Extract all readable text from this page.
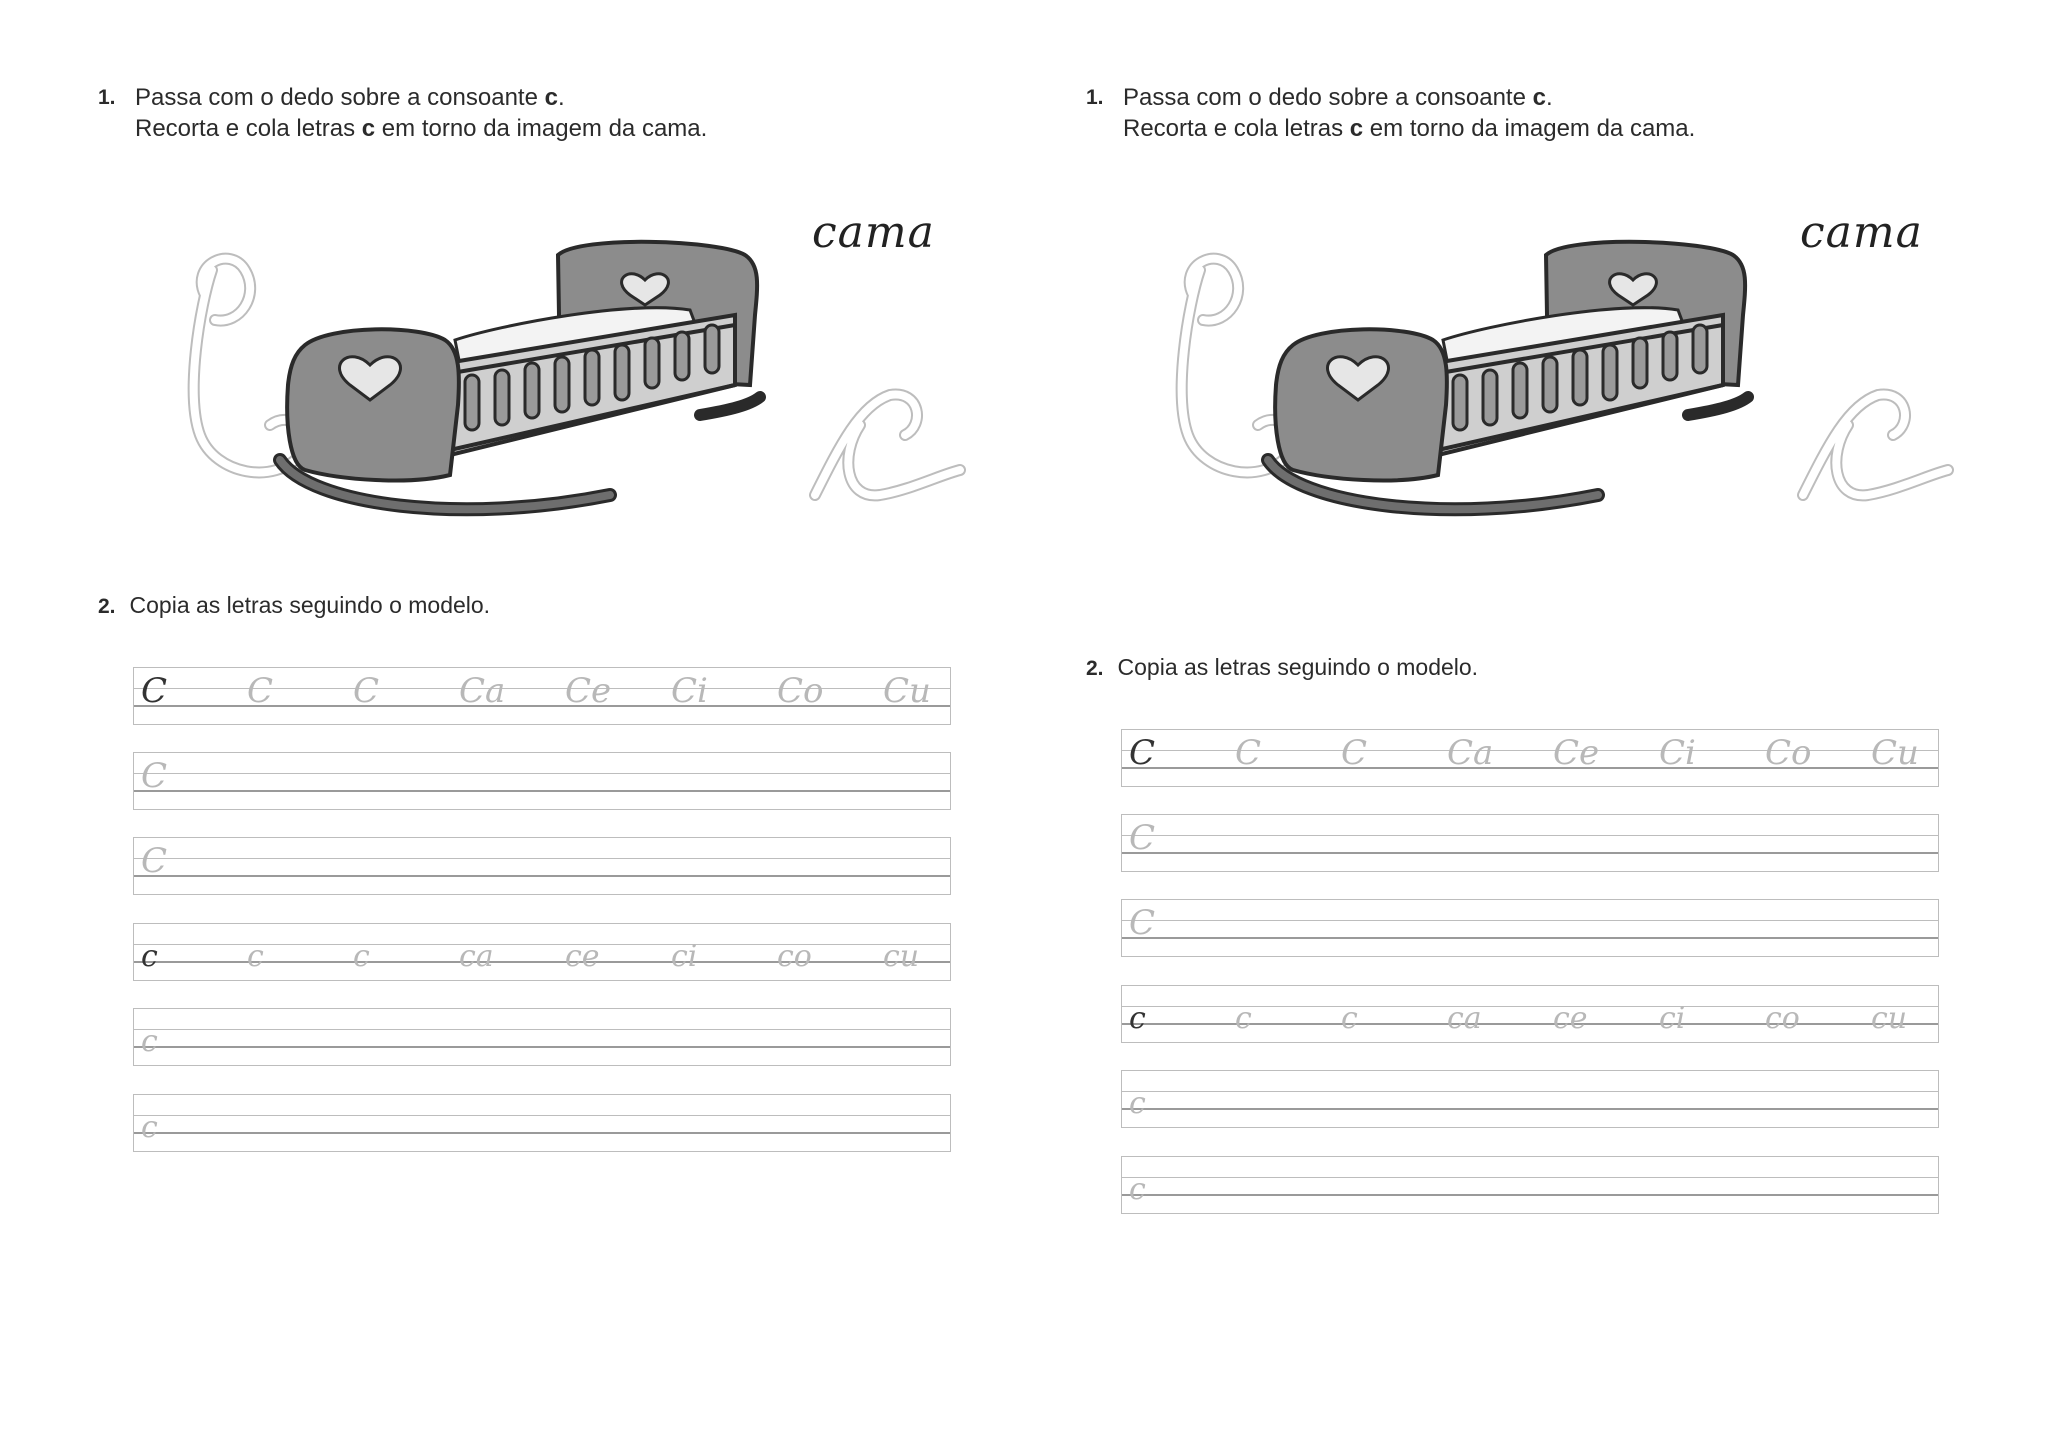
1. Passa com o dedo sobre a consoante c.
Recorta e cola letras c em torno da imagem da cama.
cama
2. Copia as letras seguindo o modelo.
C C C Ca Ce Ci Co Cu
C
C
c	c	c	ca ce ci	co cu
c
c
1. Passa com o dedo sobre a consoante c.
Recorta e cola letras c em torno da imagem da cama.
cama
2. Copia as letras seguindo o modelo.
C C C Ca Ce Ci Co Cu
C
C
c	c	c	ca ce ci	co cu
c
c
